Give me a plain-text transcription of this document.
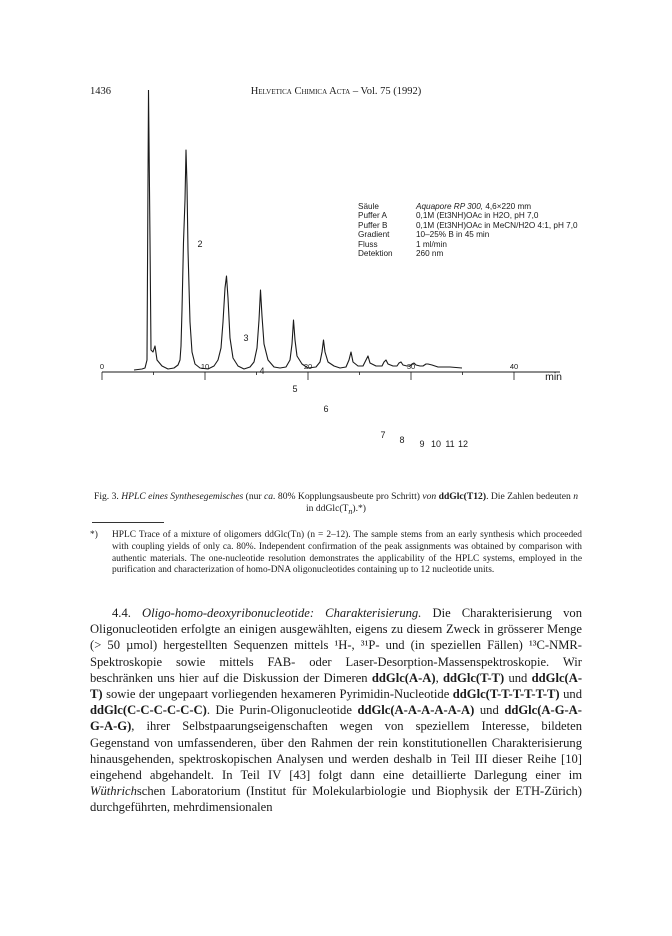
1436	Helvetica Chimica Acta – Vol. 75 (1992)
0	10	20	30	40
min
2
3
4
5
6
7 8 9 10 11 12
Säule	Aquapore RP 300, 4,6×220 mm
Puffer A	0,1M (Et3NH)OAc in H2O, pH 7,0
Puffer B	0,1M (Et3NH)OAc in MeCN/H2O 4:1, pH 7,0
Gradient	10–25% B in 45 min
Fluss	1 ml/min
Detektion	260 nm
Fig. 3. HPLC eines Synthesegemisches (nur ca. 80% Kopplungsausbeute pro Schritt) von ddGlc(T12). Die Zahlen bedeuten n in $ddGlc(T_n).*$)
*) HPLC Trace of a mixture of oligomers ddGlc(Tn) (n = 2–12). The sample stems from an early synthesis which proceeded with coupling yields of only ca. 80%. Independent confirmation of the peak assignments was obtained by comparison with authentic materials. The one-nucleotide resolution demonstrates the applicability of the HPLC systems, employed in the purification and characterization of homo-DNA oligonucleotides containing up to 12 nucleotide units.
4.4. Oligo-homo-deoxyribonucleotide: Charakterisierung. Die Charakterisierung von Oligonucleotiden erfolgte an einigen ausgewählten, eigens zu diesem Zweck in grösserer Menge (> 50 µmol) hergestellten Sequenzen mittels ¹H-, ³¹P- und (in speziellen Fällen) ¹³C-NMR-Spektroskopie sowie mittels FAB- oder Laser-Desorption-Massenspektroskopie. Wir beschränken uns hier auf die Diskussion der Dimeren ddGlc(A-A), ddGlc(T-T) und ddGlc(A-T) sowie der ungepaart vorliegenden hexameren Pyrimidin-Nucleotide ddGlc(T-T-T-T-T-T) und ddGlc(C-C-C-C-C-C). Die Purin-Oligonucleotide ddGlc(A-A-A-A-A-A) und ddGlc(A-G-A-G-A-G), ihrer Selbstpaarungseigenschaften wegen von speziellem Interesse, bildeten Gegenstand von umfassenderen, über den Rahmen der rein konstitutionellen Charakterisierung hinausgehenden, spektroskopischen Analysen und werden deshalb in Teil III dieser Reihe [10] eingehend abgehandelt. In Teil IV [43] folgt dann eine detaillierte Darlegung einer im Wüthrichschen Laboratorium (Institut für Molekularbiologie und Biophysik der ETH-Zürich) durchgeführten, mehrdimensionalen
